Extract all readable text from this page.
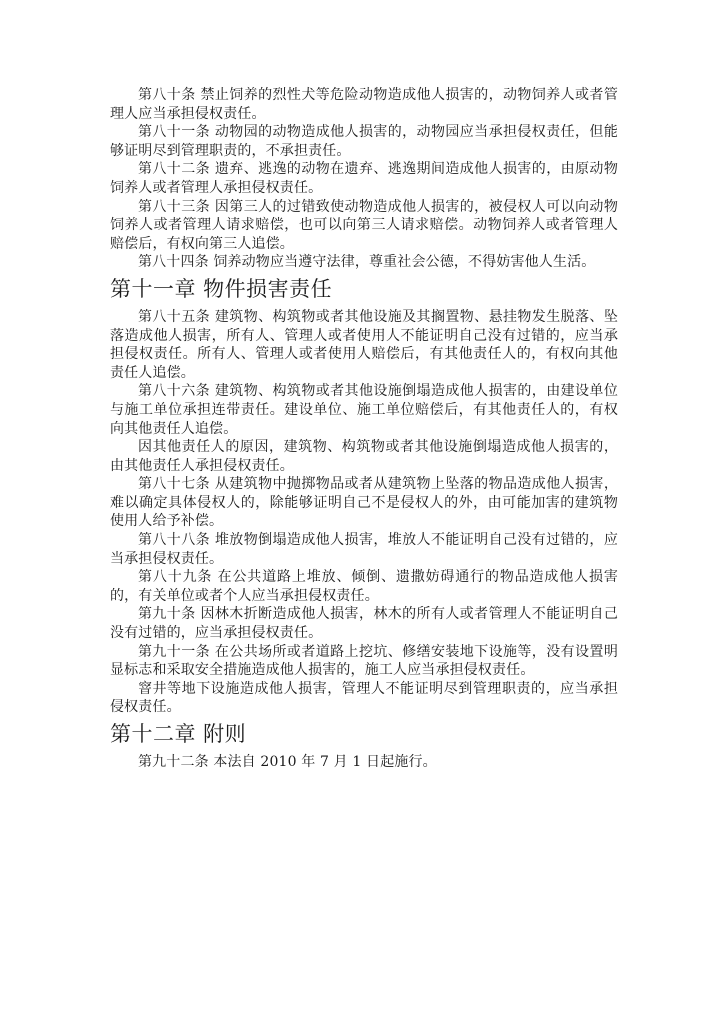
第八十条 禁止饲养的烈性犬等危险动物造成他人损害的，动物饲养人或者管理人应当承担侵权责任。

第八十一条 动物园的动物造成他人损害的，动物园应当承担侵权责任，但能够证明尽到管理职责的，不承担责任。

第八十二条 遗弃、逃逸的动物在遗弃、逃逸期间造成他人损害的，由原动物饲养人或者管理人承担侵权责任。

第八十三条 因第三人的过错致使动物造成他人损害的，被侵权人可以向动物饲养人或者管理人请求赔偿，也可以向第三人请求赔偿。动物饲养人或者管理人赔偿后，有权向第三人追偿。

第八十四条 饲养动物应当遵守法律，尊重社会公德，不得妨害他人生活。

第十一章 物件损害责任

第八十五条 建筑物、构筑物或者其他设施及其搁置物、悬挂物发生脱落、坠落造成他人损害，所有人、管理人或者使用人不能证明自己没有过错的，应当承担侵权责任。所有人、管理人或者使用人赔偿后，有其他责任人的，有权向其他责任人追偿。

第八十六条 建筑物、构筑物或者其他设施倒塌造成他人损害的，由建设单位与施工单位承担连带责任。建设单位、施工单位赔偿后，有其他责任人的，有权向其他责任人追偿。

因其他责任人的原因，建筑物、构筑物或者其他设施倒塌造成他人损害的，由其他责任人承担侵权责任。

第八十七条 从建筑物中抛掷物品或者从建筑物上坠落的物品造成他人损害，难以确定具体侵权人的，除能够证明自己不是侵权人的外，由可能加害的建筑物使用人给予补偿。

第八十八条 堆放物倒塌造成他人损害，堆放人不能证明自己没有过错的，应当承担侵权责任。

第八十九条 在公共道路上堆放、倾倒、遗撒妨碍通行的物品造成他人损害的，有关单位或者个人应当承担侵权责任。

第九十条 因林木折断造成他人损害，林木的所有人或者管理人不能证明自己没有过错的，应当承担侵权责任。

第九十一条 在公共场所或者道路上挖坑、修缮安装地下设施等，没有设置明显标志和采取安全措施造成他人损害的，施工人应当承担侵权责任。

窨井等地下设施造成他人损害，管理人不能证明尽到管理职责的，应当承担侵权责任。

第十二章 附则

第九十二条 本法自 2010 年 7 月 1 日起施行。
